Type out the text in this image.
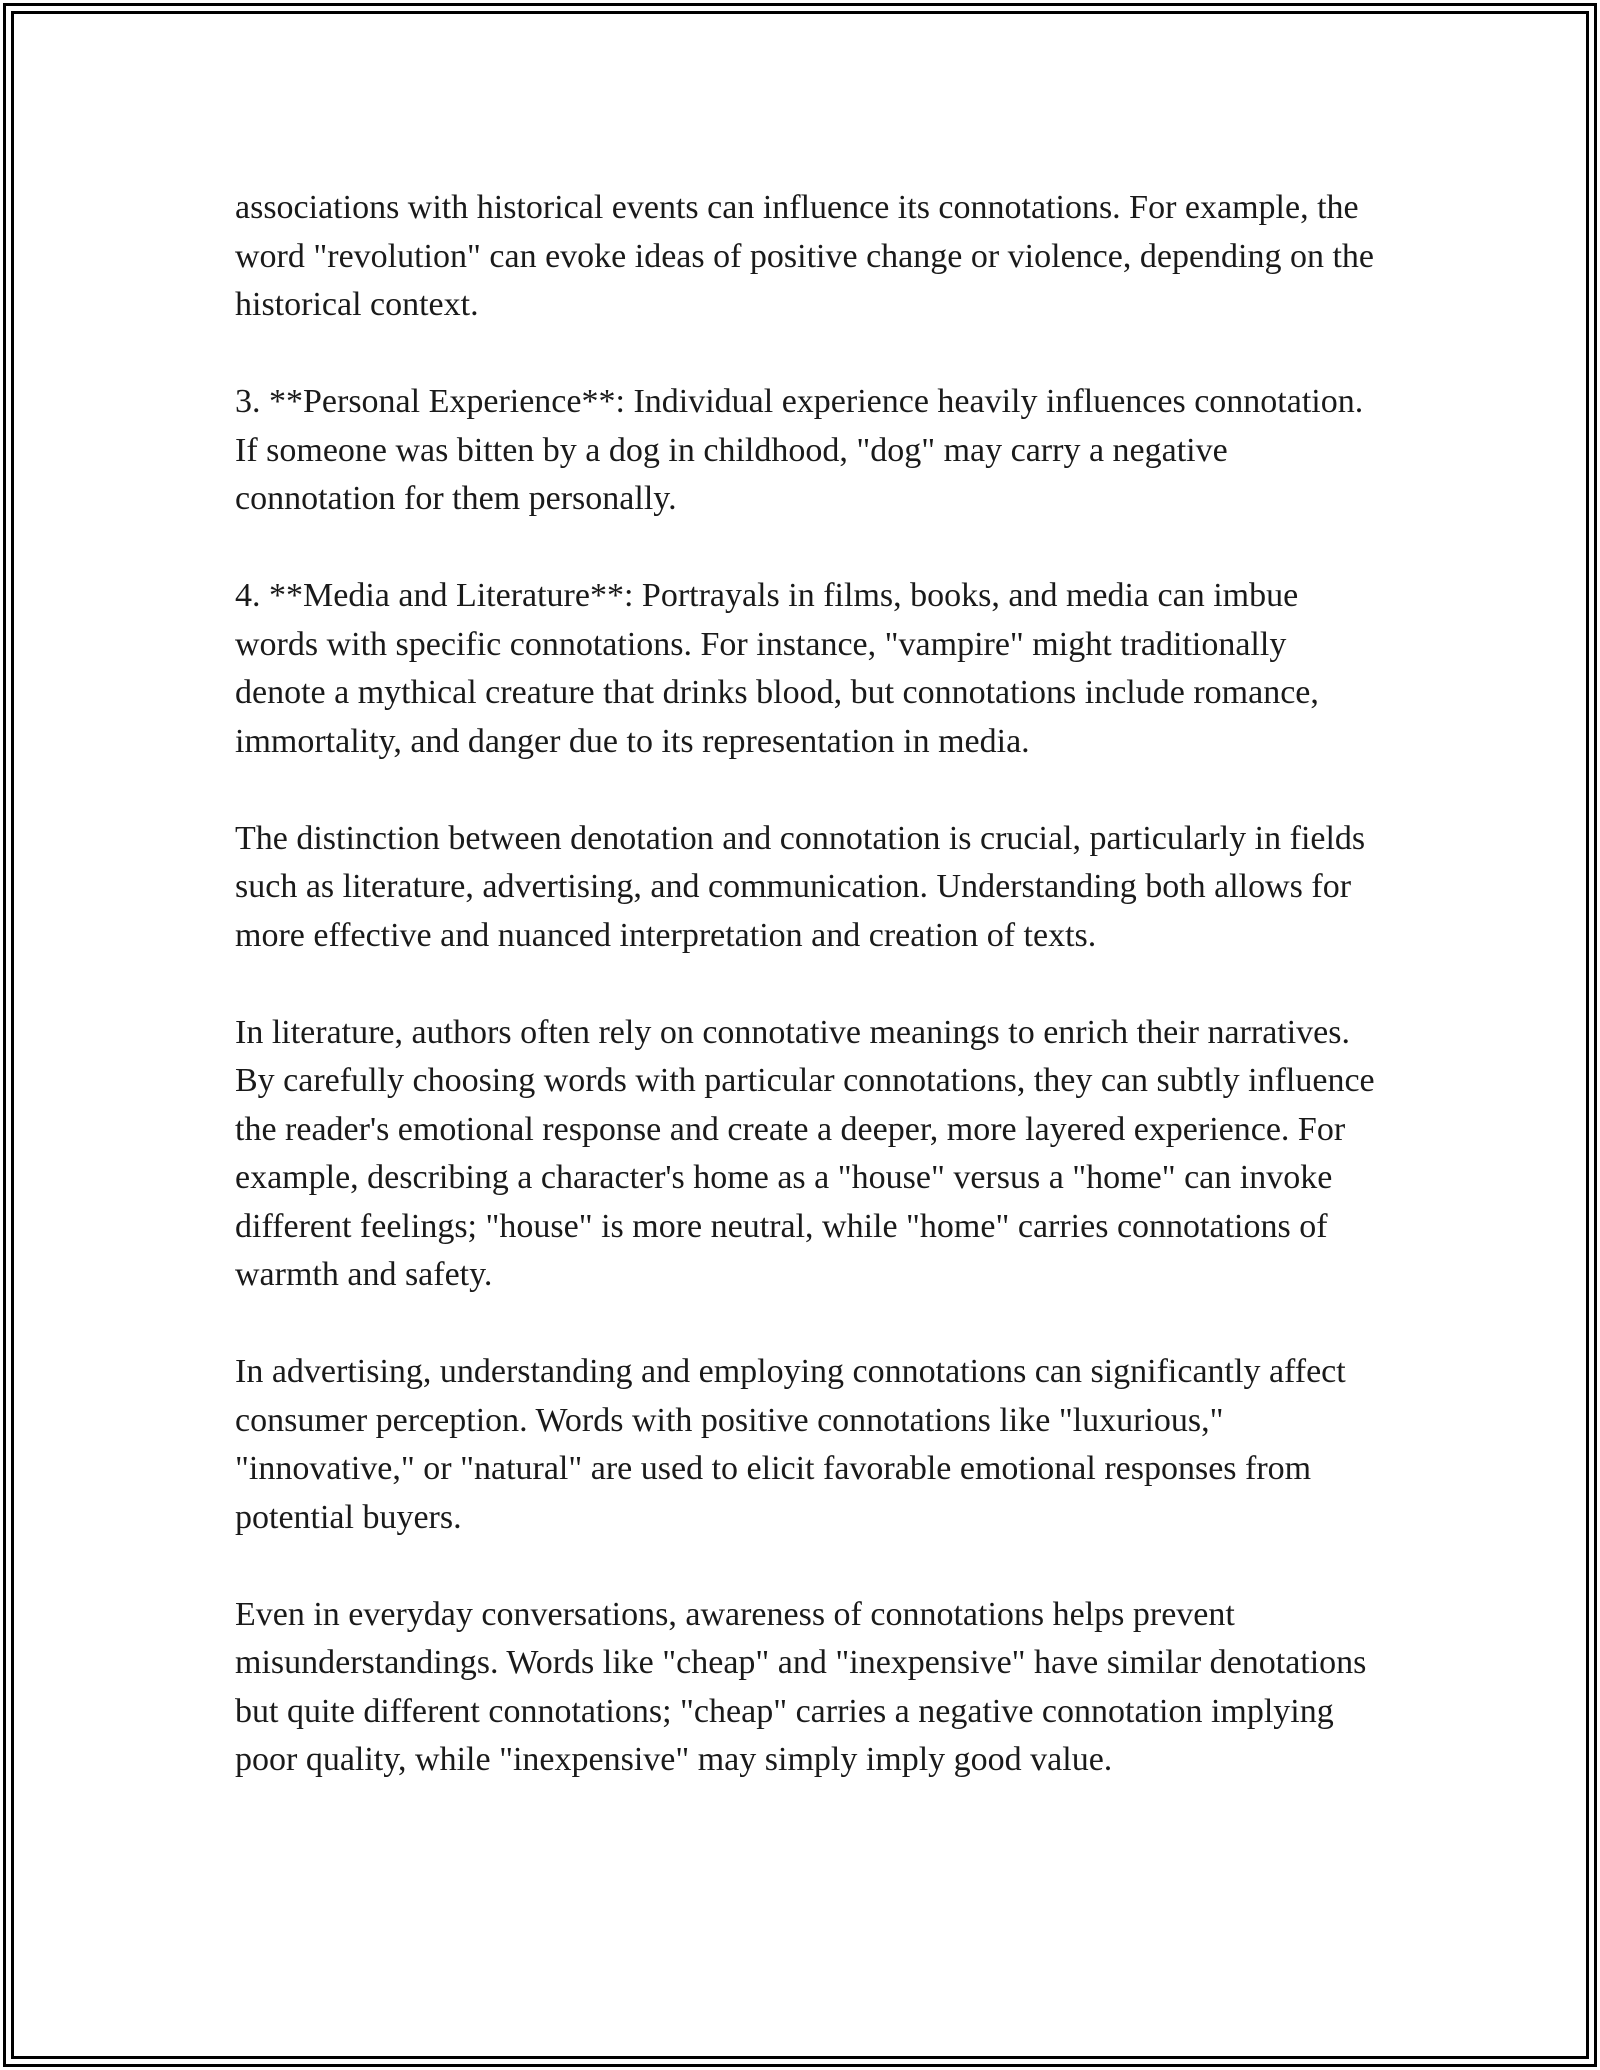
associations with historical events can influence its connotations. For example, the word "revolution" can evoke ideas of positive change or violence, depending on the historical context.

3. **Personal Experience**: Individual experience heavily influences connotation. If someone was bitten by a dog in childhood, "dog" may carry a negative connotation for them personally.

4. **Media and Literature**: Portrayals in films, books, and media can imbue words with specific connotations. For instance, "vampire" might traditionally denote a mythical creature that drinks blood, but connotations include romance, immortality, and danger due to its representation in media.

The distinction between denotation and connotation is crucial, particularly in fields such as literature, advertising, and communication. Understanding both allows for more effective and nuanced interpretation and creation of texts.

In literature, authors often rely on connotative meanings to enrich their narratives. By carefully choosing words with particular connotations, they can subtly influence the reader's emotional response and create a deeper, more layered experience. For example, describing a character's home as a "house" versus a "home" can invoke different feelings; "house" is more neutral, while "home" carries connotations of warmth and safety.

In advertising, understanding and employing connotations can significantly affect consumer perception. Words with positive connotations like "luxurious," "innovative," or "natural" are used to elicit favorable emotional responses from potential buyers.

Even in everyday conversations, awareness of connotations helps prevent misunderstandings. Words like "cheap" and "inexpensive" have similar denotations but quite different connotations; "cheap" carries a negative connotation implying poor quality, while "inexpensive" may simply imply good value.
